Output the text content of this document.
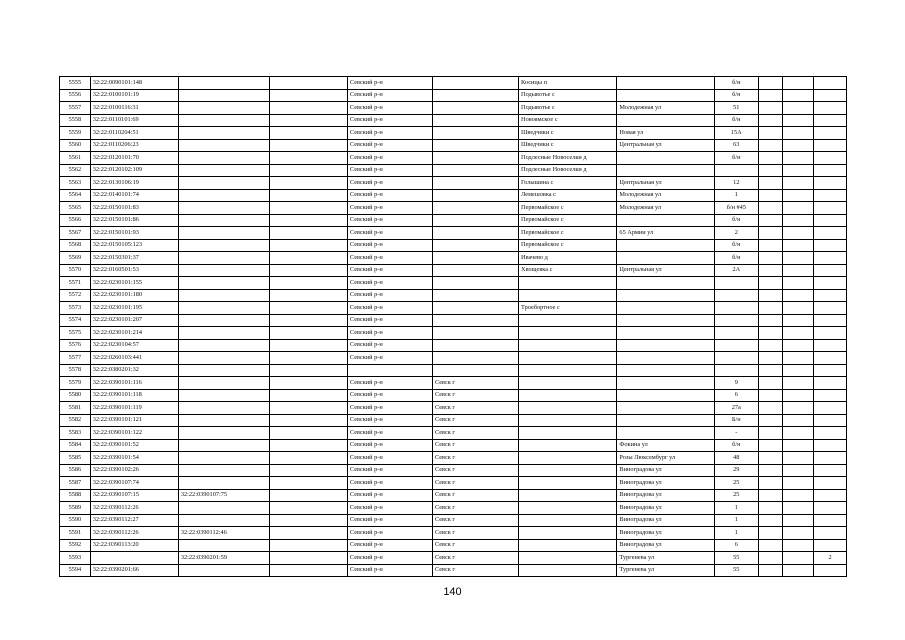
5555	32:22:0090101:148			Севский р-н		Косицы п		б/н			
5556	32:22:0100101:19			Севский р-н		Подывотье с		б/н			
5557	32:22:0100116:31			Севский р-н		Подывотье с	Молодежная ул	51			
5558	32:22:0110101:69			Севский р-н		Новоямское с		б/н			
5559	32:22:0110204:51			Севский р-н		Шведчики с	Новая ул	15А			
5560	32:22:0110206:23			Севский р-н		Шведчики с	Центральная ул	63			
5561	32:22:0120101:70			Севский р-н		Подлесные Новоселки д		б/н			
5562	32:22:0120102:109			Севский р-н		Подлесные Новоселки д					
5563	32:22:0130106:19			Севский р-н		Голышина с	Центральная ул	12			
5564	32:22:0140101:74			Севский р-н		Лемешовка с	Молодежная ул	1			
5565	32:22:0150101:83			Севский р-н		Первомайское с	Молодежная ул	б/н #45			
5566	32:22:0150101:86			Севский р-н		Первомайское с		б/н			
5567	32:22:0150101:93			Севский р-н		Первомайское с	65 Армии ул	2			
5568	32:22:0150105:123			Севский р-н		Первомайское с		б/н			
5569	32:22:0150301:37			Севский р-н		Ивачево д		б/н			
5570	32:22:0160501:53			Севский р-н		Хвощевка с	Центральная ул	2А			
5571	32:22:0230101:155			Севский р-н							
5572	32:22:0230101:180			Севский р-н							
5573	32:22:0230101:195			Севский р-н		Троебортное с					
5574	32:22:0230101:207			Севский р-н							
5575	32:22:0230101:214			Севский р-н							
5576	32:22:0230104:57			Севский р-н							
5577	32:22:0260103:441			Севский р-н							
5578	32:22:0380201:32										
5579	32:22:0390101:116			Севский р-н	Севск г			9			
5580	32:22:0390101:118			Севский р-н	Севск г			6			
5581	32:22:0390101:119			Севский р-н	Севск г			27а			
5582	32:22:0390101:121			Севский р-н	Севск г			Б/н			
5583	32:22:0390101:122			Севский р-н	Севск г			-			
5584	32:22:0390101:52			Севский р-н	Севск г		Фокина ул	б/н			
5585	32:22:0390101:54			Севский р-н	Севск г		Розы Люксембург ул	48			
5586	32:22:0390102:26			Севский р-н	Севск г		Виноградова ул	29			
5587	32:22:0390107:74			Севский р-н	Севск г		Виноградова ул	25			
5588	32:22:0390107:15	32:22:0390107:75		Севский р-н	Севск г		Виноградова ул	25			
5589	32:22:0390112:26			Севский р-н	Севск г		Виноградова ул	1			
5590	32:22:0390112:27			Севский р-н	Севск г		Виноградова ул	1			
5591	32:22:0390112:26	32:22:0390112:46		Севский р-н	Севск г		Виноградова ул	1			
5592	32:22:0390113:20			Севский р-н	Севск г		Виноградова ул	6			
5593		32:22:0390201:59		Севский р-н	Севск г		Тургенева ул	55			2
5594	32:22:0390201:66			Севский р-н	Севск г		Тургенева ул	55			
140
